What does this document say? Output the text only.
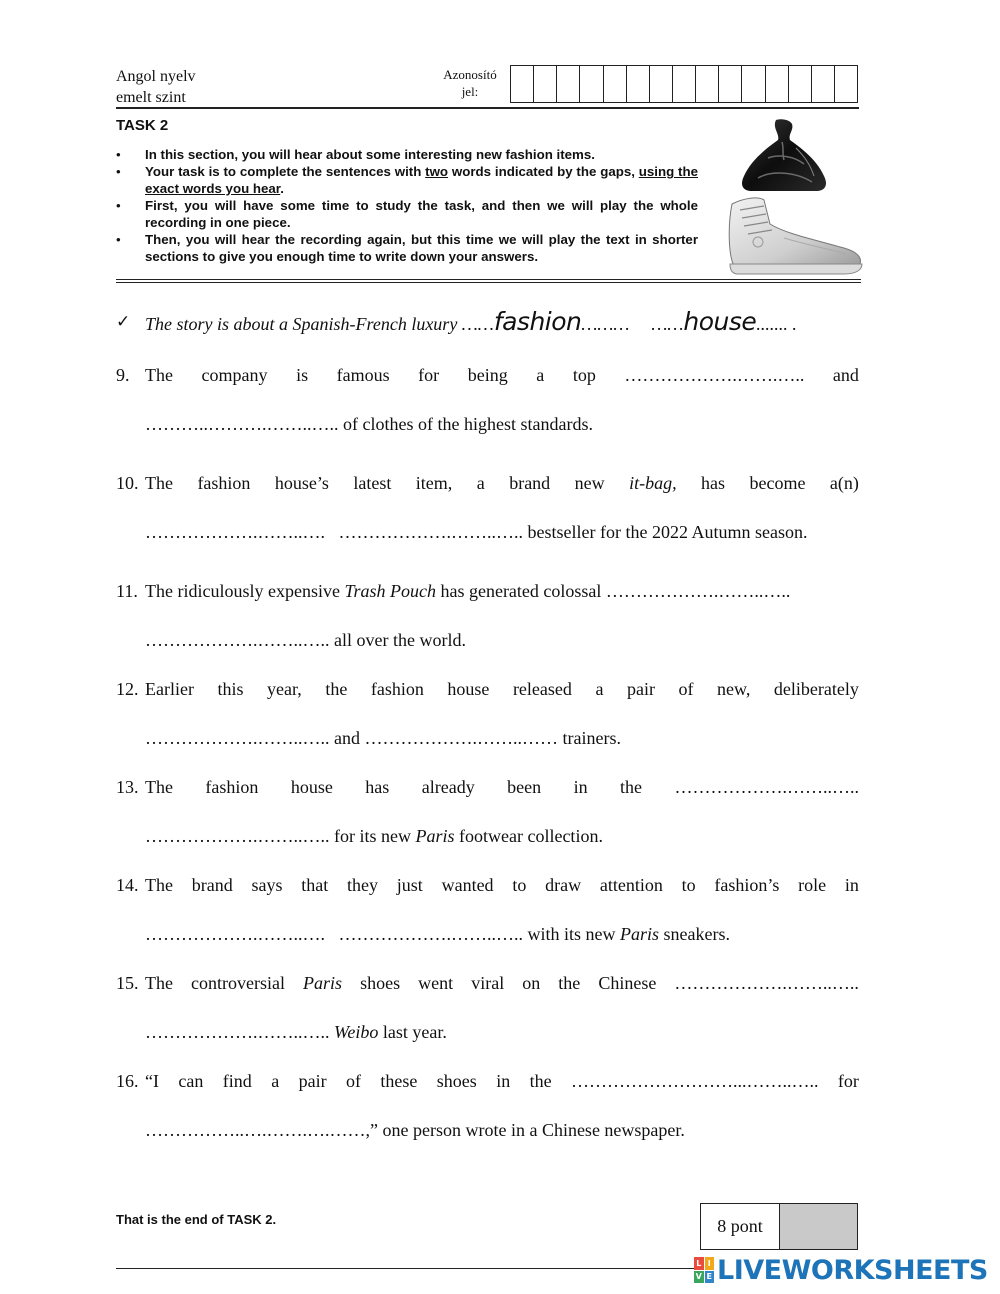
Angol nyelv
emelt szint
Azonosító
jel:
TASK 2
• In this section, you will hear about some interesting new fashion items.
• Your task is to complete the sentences with two words indicated by the gaps, using the exact words you hear.
• First, you will have some time to study the task, and then we will play the whole recording in one piece.
• Then, you will hear the recording again, but this time we will play the text in shorter sections to give you enough time to write down your answers.
✓ The story is about a Spanish-French luxury ……fashion……… ……house....... .
9. The company is famous for being a top ……………….…….….. and
………..……….……..….. of clothes of the highest standards.
10. The fashion house’s latest item, a brand new it-bag, has become a(n)
……………….……..….   ……………….……..….. bestseller for the 2022 Autumn season.
11. The ridiculously expensive Trash Pouch has generated colossal ……………….……..…..
……………….……..….. all over the world.
12. Earlier this year, the fashion house released a pair of new, deliberately
……………….……..….. and ……………….……..…… trainers.
13. The fashion house has already been in the ……………….……..…..
……………….……..….. for its new Paris footwear collection.
14. The brand says that they just wanted to draw attention to fashion’s role in
……………….……..….   ……………….……..….. with its new Paris sneakers.
15. The controversial Paris shoes went viral on the Chinese ……………….……..…..
……………….……..….. Weibo last year.
16. “I can find a pair of these shoes in the ………………………...……..….. for
……………..….…….….……,” one person wrote in a Chinese newspaper.
That is the end of TASK 2.	8 pont
L I
V E LIVEWORKSHEETS
